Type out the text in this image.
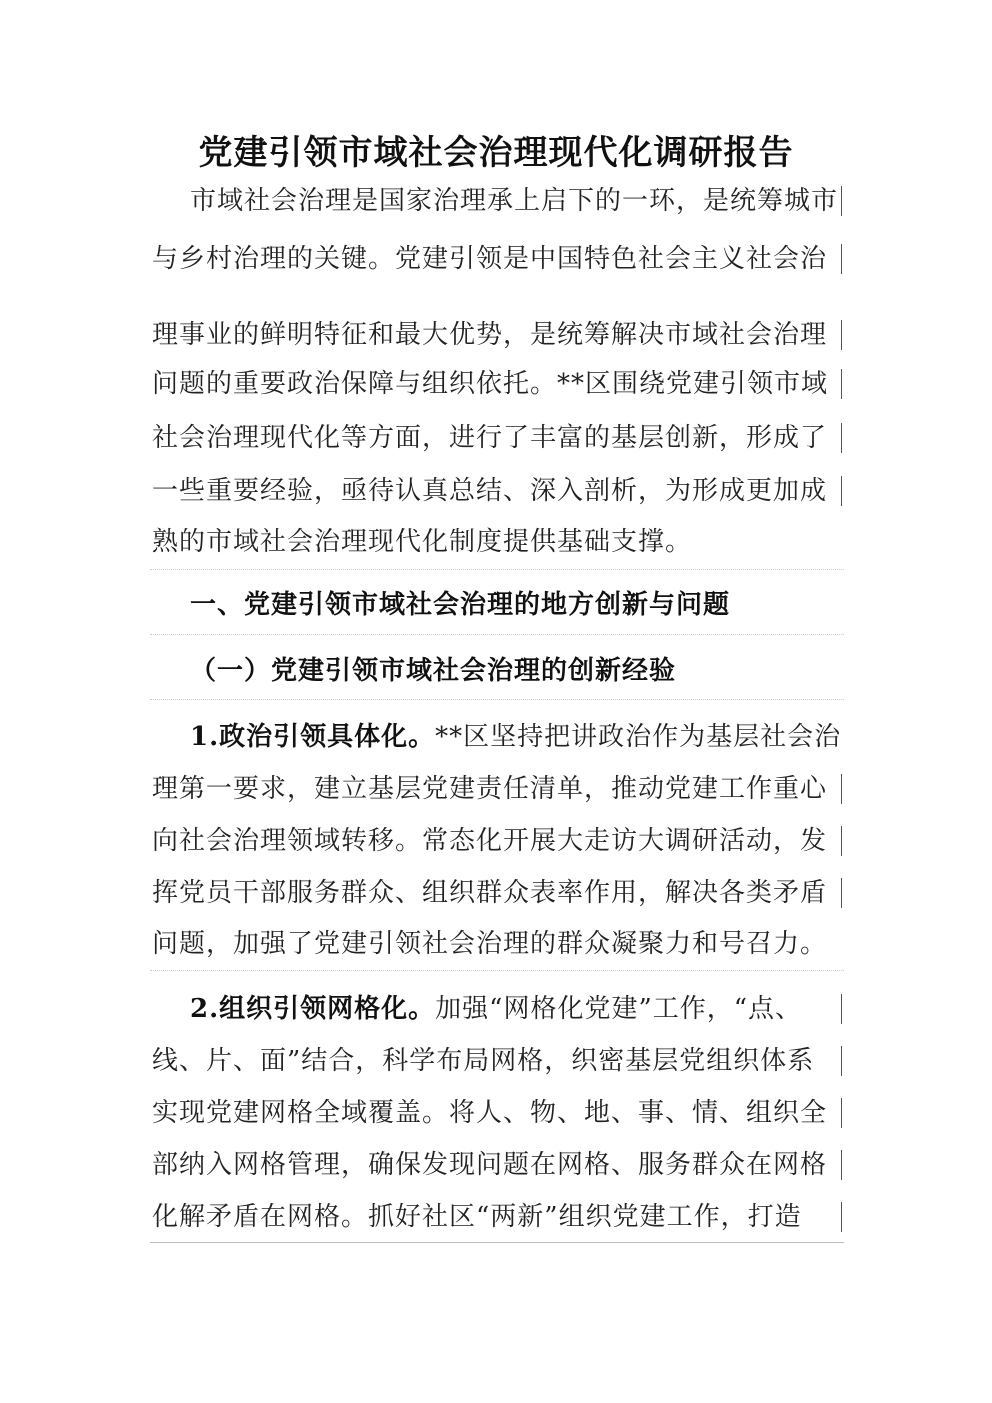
党建引领市域社会治理现代化调研报告
市域社会治理是国家治理承上启下的一环，是统筹城市
与乡村治理的关键。党建引领是中国特色社会主义社会治
理事业的鲜明特征和最大优势，是统筹解决市域社会治理
问题的重要政治保障与组织依托。**区围绕党建引领市域
社会治理现代化等方面，进行了丰富的基层创新，形成了
一些重要经验，亟待认真总结、深入剖析，为形成更加成
熟的市域社会治理现代化制度提供基础支撑。
一、党建引领市域社会治理的地方创新与问题
（一）党建引领市域社会治理的创新经验
1.政治引领具体化。**区坚持把讲政治作为基层社会治
理第一要求，建立基层党建责任清单，推动党建工作重心
向社会治理领域转移。常态化开展大走访大调研活动，发
挥党员干部服务群众、组织群众表率作用，解决各类矛盾
问题，加强了党建引领社会治理的群众凝聚力和号召力。
2.组织引领网格化。加强“网格化党建”工作，“点、
线、片、面”结合，科学布局网格，织密基层党组织体系
实现党建网格全域覆盖。将人、物、地、事、情、组织全
部纳入网格管理，确保发现问题在网格、服务群众在网格
化解矛盾在网格。抓好社区“两新”组织党建工作，打造
